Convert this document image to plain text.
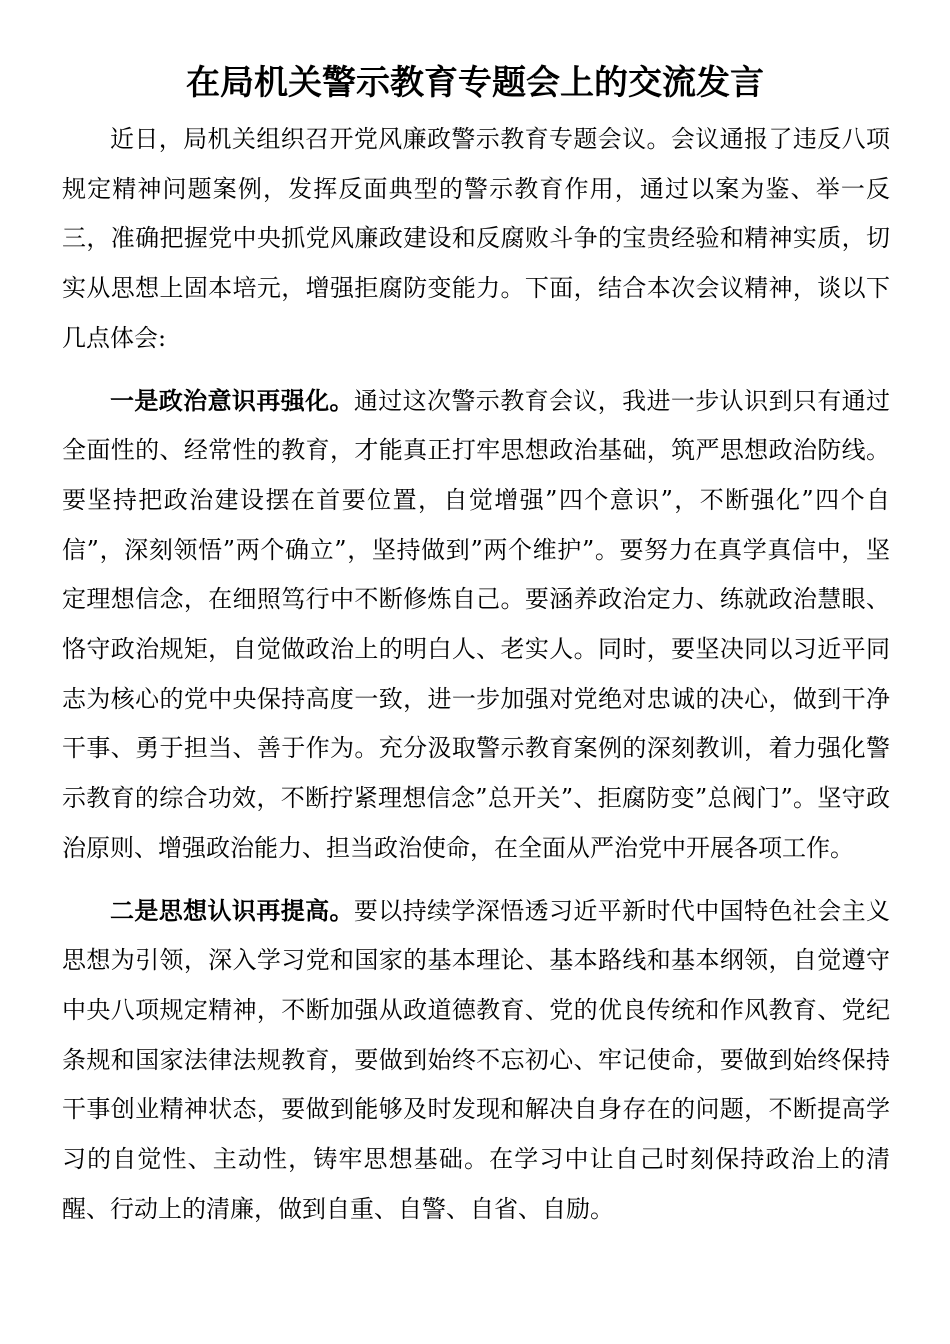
在局机关警示教育专题会上的交流发言

近日，局机关组织召开党风廉政警示教育专题会议。会议通报了违反八项规定精神问题案例，发挥反面典型的警示教育作用，通过以案为鉴、举一反三，准确把握党中央抓党风廉政建设和反腐败斗争的宝贵经验和精神实质，切实从思想上固本培元，增强拒腐防变能力。下面，结合本次会议精神，谈以下几点体会:

一是政治意识再强化。通过这次警示教育会议，我进一步认识到只有通过全面性的、经常性的教育，才能真正打牢思想政治基础，筑严思想政治防线。要坚持把政治建设摆在首要位置，自觉增强”四个意识”，不断强化”四个自信”，深刻领悟”两个确立”，坚持做到”两个维护”。要努力在真学真信中，坚定理想信念，在细照笃行中不断修炼自己。要涵养政治定力、练就政治慧眼、恪守政治规矩，自觉做政治上的明白人、老实人。同时，要坚决同以习近平同志为核心的党中央保持高度一致，进一步加强对党绝对忠诚的决心，做到干净干事、勇于担当、善于作为。充分汲取警示教育案例的深刻教训，着力强化警示教育的综合功效，不断拧紧理想信念”总开关”、拒腐防变”总阀门”。坚守政治原则、增强政治能力、担当政治使命，在全面从严治党中开展各项工作。

二是思想认识再提高。要以持续学深悟透习近平新时代中国特色社会主义思想为引领，深入学习党和国家的基本理论、基本路线和基本纲领，自觉遵守中央八项规定精神，不断加强从政道德教育、党的优良传统和作风教育、党纪条规和国家法律法规教育，要做到始终不忘初心、牢记使命，要做到始终保持干事创业精神状态，要做到能够及时发现和解决自身存在的问题，不断提高学习的自觉性、主动性，铸牢思想基础。在学习中让自己时刻保持政治上的清醒、行动上的清廉，做到自重、自警、自省、自励。
